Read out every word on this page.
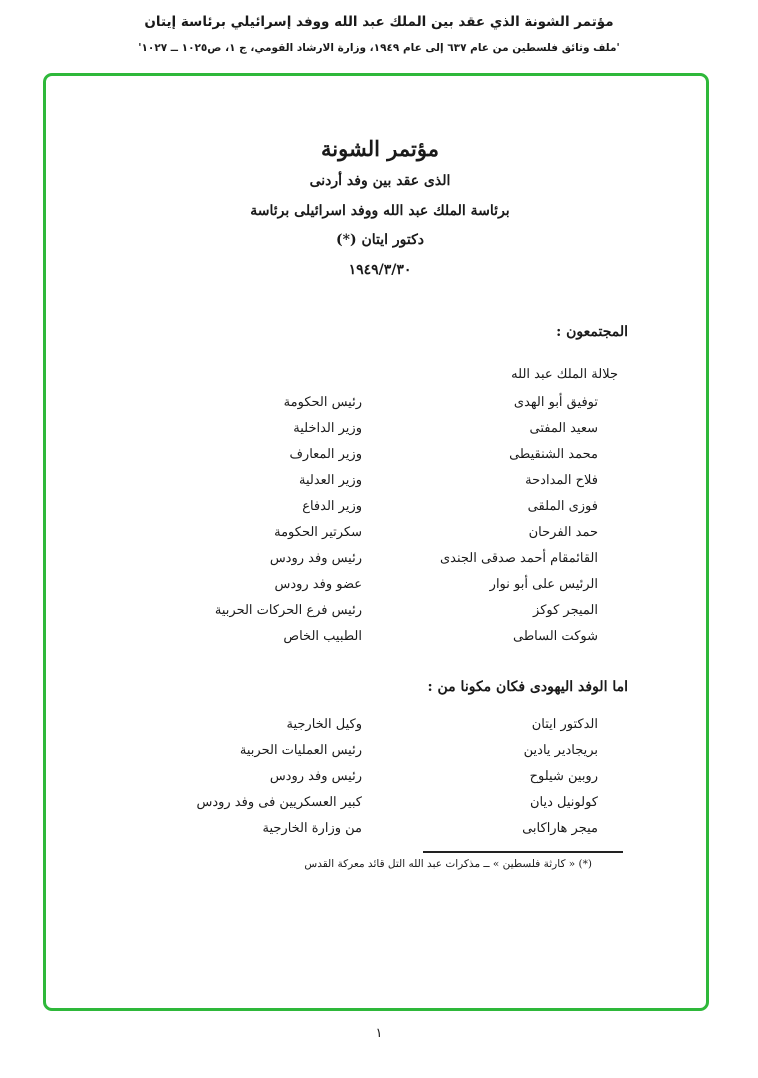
مؤتمر الشونة الذي عقد بين الملك عبد الله ووفد إسرائيلي برئاسة إيتان
'ملف وثائق فلسطين من عام ٦٣٧ إلى عام ١٩٤٩، وزارة الارشاد القومي، ج ١، ص١٠٢٥ ــ ١٠٢٧'
مؤتمر الشونة
الذى عقد بين وفد أردنى
برئاسة الملك عبد الله ووفد اسرائيلى برئاسة
دكتور ايتان (*)
١٩٤٩/٣/٣٠
المجتمعون :
جلالة الملك عبد الله
توفيق أبو الهدى
رئيس الحكومة
سعيد المفتى
وزير الداخلية
محمد الشنقيطى
وزير المعارف
فلاح المدادحة
وزير العدلية
فوزى الملقى
وزير الدفاع
حمد الفرحان
سكرتير الحكومة
القائمقام أحمد صدقى الجندى
رئيس وفد رودس
الرئيس على أبو نوار
عضو وفد رودس
الميجر كوكز
رئيس فرع الحركات الحربية
شوكت الساطى
الطبيب الخاص
اما الوفد اليهودى فكان مكونا من :
الدكتور ايتان
وكيل الخارجية
بريجادير يادين
رئيس العمليات الحربية
روبين شيلوح
رئيس وفد رودس
كولونيل ديان
كبير العسكريين فى وفد رودس
ميجر هاراكابى
من وزارة الخارجية
(*) « كارثة فلسطين » ــ مذكرات عبد الله التل قائد معركة القدس
١
